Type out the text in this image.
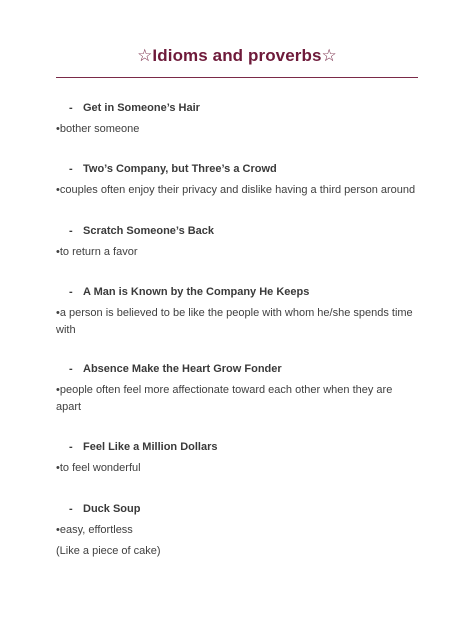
☆Idioms and proverbs☆
- Get in Someone’s Hair
•bother someone
- Two’s Company, but Three’s a Crowd
•couples often enjoy their privacy and dislike having a third person around
- Scratch Someone’s Back
•to return a favor
- A Man is Known by the Company He Keeps
•a person is believed to be like the people with whom he/she spends time with
- Absence Make the Heart Grow Fonder
•people often feel more affectionate toward each other when they are apart
- Feel Like a Million Dollars
•to feel wonderful
- Duck Soup
•easy, effortless
(Like a piece of cake)
